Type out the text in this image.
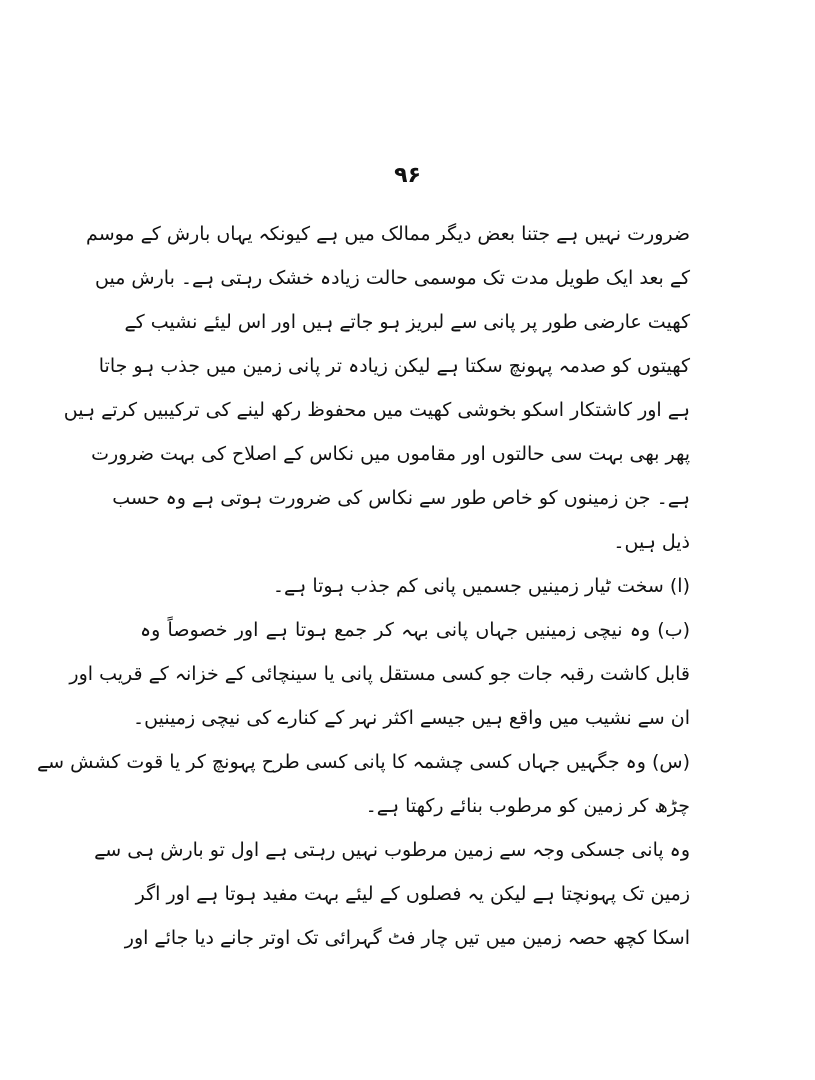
۹۶
ضرورت نہیں ہے جتنا بعض دیگر ممالک میں ہے کیونکہ یہاں بارش کے موسم
کے بعد ایک طویل مدت تک موسمی حالت زیادہ خشک رہتی ہے۔ بارش میں
کھیت عارضی طور پر پانی سے لبریز ہو جاتے ہیں اور اس لیئے نشیب کے
کھیتوں کو صدمہ پہونچ سکتا ہے لیکن زیادہ تر پانی زمین میں جذب ہو جاتا
ہے اور کاشتکار اسکو بخوشی کھیت میں محفوظ رکھ لینے کی ترکیبیں کرتے ہیں
پھر بھی بہت سی حالتوں اور مقاموں میں نکاس کے اصلاح کی بہت ضرورت
ہے۔ جن زمینوں کو خاص طور سے نکاس کی ضرورت ہوتی ہے وہ حسب
ذیل ہیں۔
(ا) سخت ٹیار زمینیں جسمیں پانی کم جذب ہوتا ہے۔
(ب) وہ نیچی زمینیں جہاں پانی بہہ کر جمع ہوتا ہے اور خصوصاً وہ
قابل کاشت رقبہ جات جو کسی مستقل پانی یا سینچائی کے خزانہ کے قریب اور
ان سے نشیب میں واقع ہیں جیسے اکثر نہر کے کنارے کی نیچی زمینیں۔
(س) وہ جگہیں جہاں کسی چشمہ کا پانی کسی طرح پہونچ کر یا قوت کشش سے
چڑھ کر زمین کو مرطوب بنائے رکھتا ہے۔
وہ پانی جسکی وجہ سے زمین مرطوب نہیں رہتی ہے اول تو بارش ہی سے
زمین تک پہونچتا ہے لیکن یہ فصلوں کے لیئے بہت مفید ہوتا ہے اور اگر
اسکا کچھ حصہ زمین میں تیں چار فٹ گہرائی تک اوتر جانے دیا جائے اور
